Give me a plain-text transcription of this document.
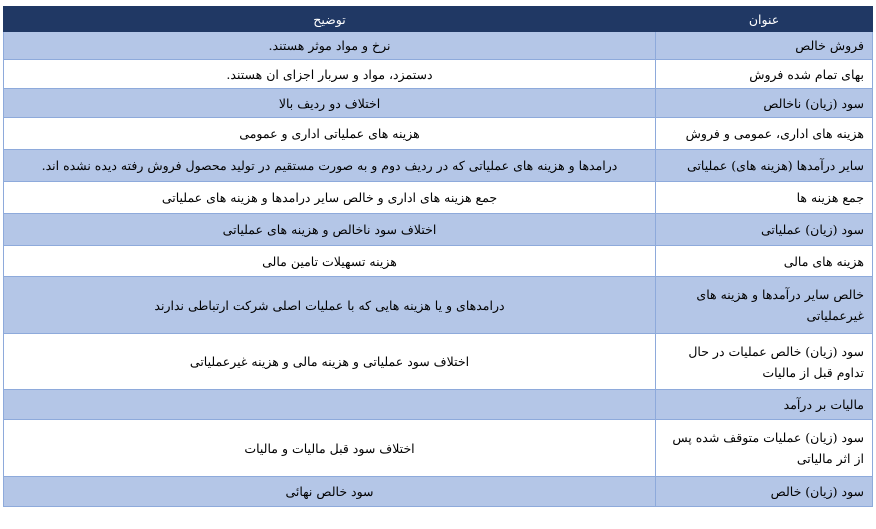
عنوان	توضیح
فروش خالص	نرخ و مواد موثر هستند.
بهای تمام شده فروش	دستمزد، مواد و سربار اجزای ان هستند.
سود (زیان) ناخالص	اختلاف دو ردیف بالا
هزینه های اداری، عمومی و فروش	هزینه های عملیاتی اداری و عمومی
سایر درآمدها (هزینه های) عملیاتی	درامدها و هزینه های عملیاتی که در ردیف دوم و به صورت مستقیم در تولید محصول فروش رفته دیده نشده اند.
جمع هزینه ها	جمع هزینه های اداری و خالص سایر درامدها و هزینه های عملیاتی
سود (زیان) عملیاتی	اختلاف سود ناخالص و هزینه های عملیاتی
هزینه های مالی	هزینه تسهیلات تامین مالی
خالص سایر درآمدها و هزینه های غیرعملیاتی	درامدهای و یا هزینه هایی که با عملیات اصلی شرکت ارتباطی ندارند
سود (زیان) خالص عملیات در حال تداوم قبل از مالیات	اختلاف سود عملیاتی و هزینه مالی و هزینه غیرعملیاتی
مالیات بر درآمد	
سود (زیان) عملیات متوقف شده پس از اثر مالیاتی	اختلاف سود قبل مالیات و مالیات
سود (زیان) خالص	سود خالص نهائی
